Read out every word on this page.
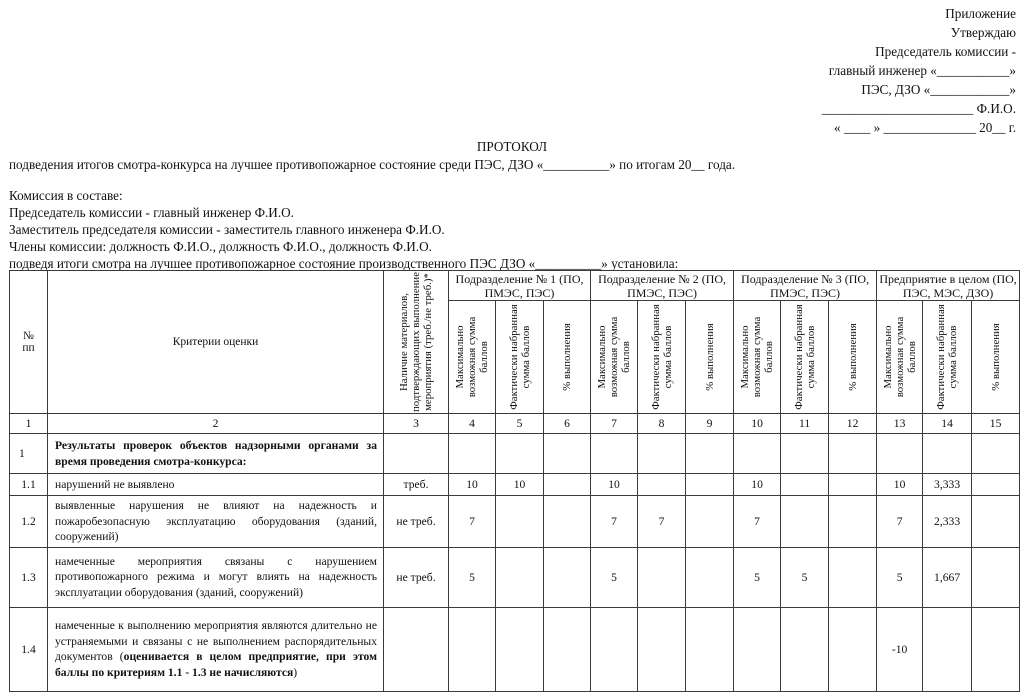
Приложение
Утверждаю
Председатель комиссии -
главный инженер «___________»
ПЭС, ДЗО «____________»
_______________________ Ф.И.О.
« ____ » ______________ 20__ г.
ПРОТОКОЛ
подведения итогов смотра-конкурса на лучшее противопожарное состояние среди ПЭС, ДЗО «__________» по итогам 20__ года.
Комиссия в составе:
Председатель комиссии - главный инженер Ф.И.О.
Заместитель председателя комиссии - заместитель главного инженера Ф.И.О.
Члены комиссии: должность Ф.И.О., должность Ф.И.О., должность Ф.И.О.
подведя итоги смотра на лучшее противопожарное состояние производственного ПЭС ДЗО «__________» установила:
№ пп	Критерии оценки	Наличие материалов, подтверждающих выполнение мероприятия (треб./не треб.)*	Подразделение № 1 (ПО, ПМЭС, ПЭС)			Подразделение № 2 (ПО, ПМЭС, ПЭС)			Подразделение № 3 (ПО, ПМЭС, ПЭС)			Предприятие в целом (ПО, ПЭС, МЭС, ДЗО)		

			Максимально возможная сумма баллов	Фактически набранная сумма баллов	% выполнения	Максимально возможная сумма баллов	Фактически набранная сумма баллов	% выполнения	Максимально возможная сумма баллов	Фактически набранная сумма баллов	% выполнения	Максимально возможная сумма баллов	Фактически набранная сумма баллов	% выполнения

1	2	3	4	5	6	7	8	9	10	11	12	13	14	15
1	Результаты проверок объектов надзорными органами за время проведения смотра-конкурса:													
1.1	нарушений не выявлено	треб.	10	10		10			10			10	3,333	
1.2	выявленные нарушения не влияют на надежность и пожаробезопасную эксплуатацию оборудования (зданий, сооружений)	не треб.	7			7	7		7			7	2,333	
1.3	намеченные мероприятия связаны с нарушением противопожарного режима и могут влиять на надежность эксплуатации оборудования (зданий, сооружений)	не треб.	5			5			5	5		5	1,667	
1.4	намеченные к выполнению мероприятия являются длительно не устраняемыми и связаны с не выполнением распорядительных документов (оценивается в целом предприятие, при этом баллы по критериям 1.1 - 1.3 не начисляются)											-10		
